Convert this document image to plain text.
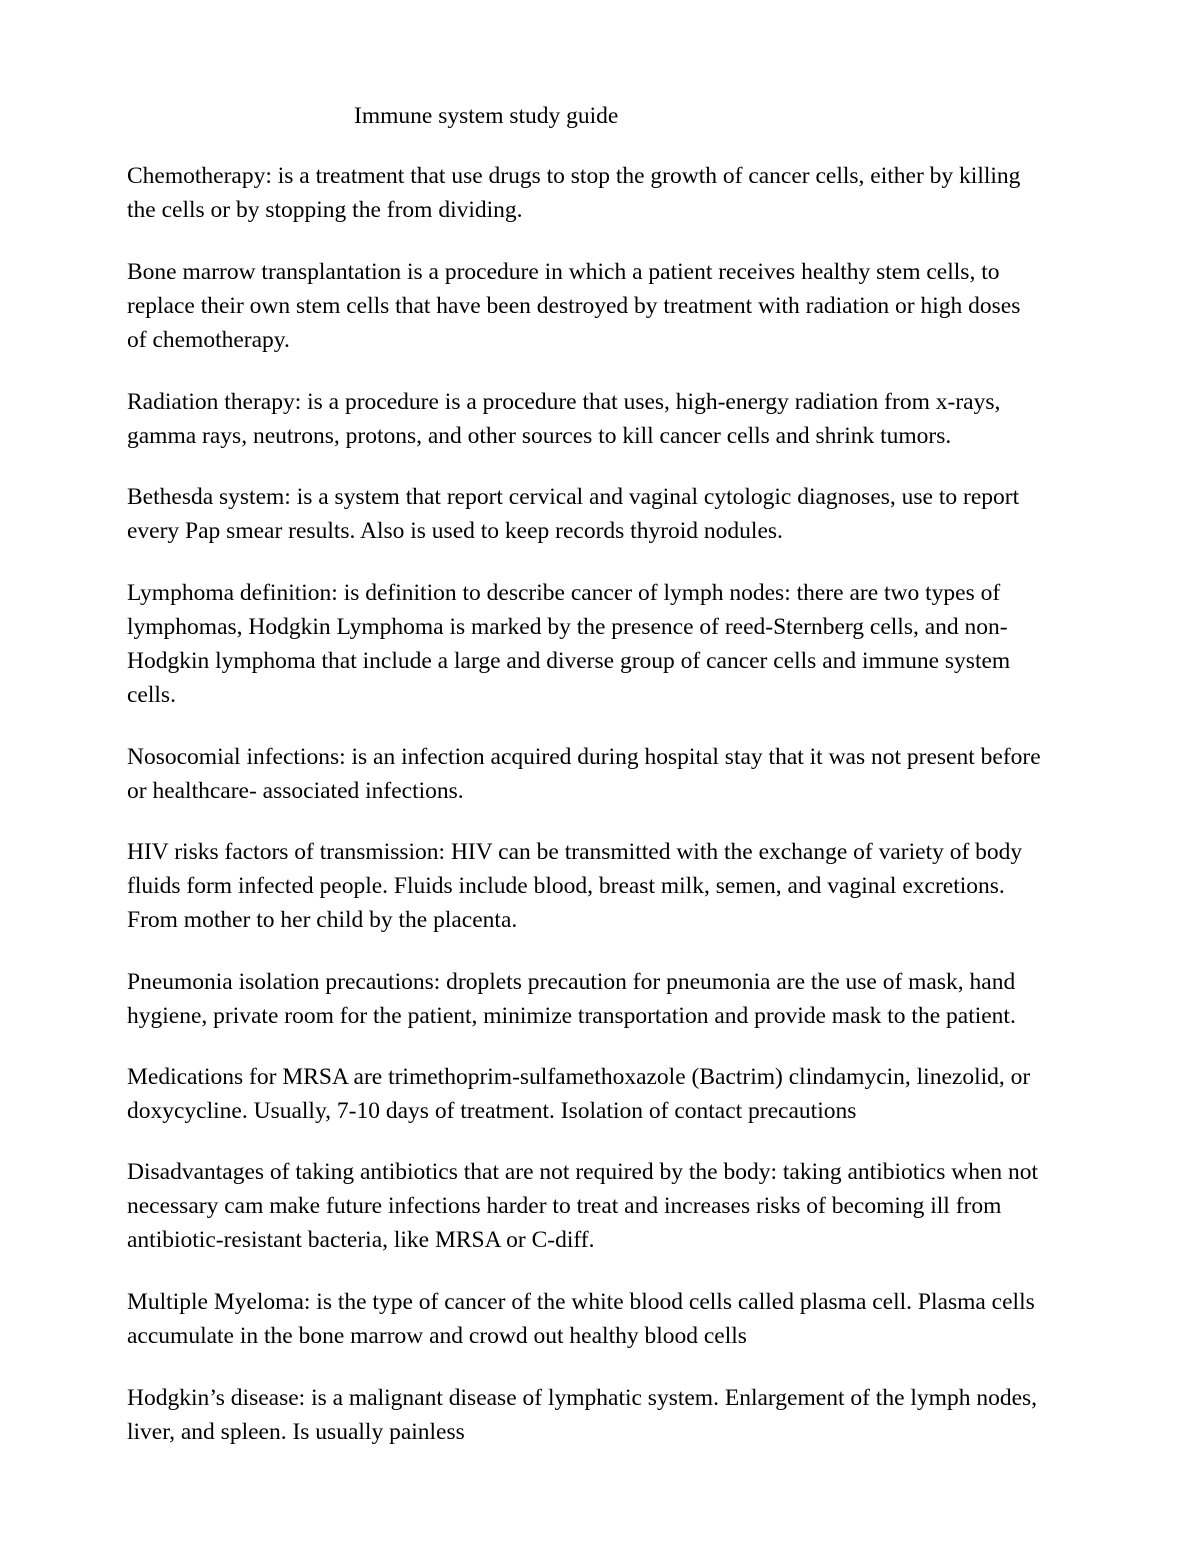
Immune system study guide

Chemotherapy: is a treatment that use drugs to stop the growth of cancer cells, either by killing
the cells or by stopping the from dividing.

Bone marrow transplantation is a procedure in which a patient receives healthy stem cells, to
replace their own stem cells that have been destroyed by treatment with radiation or high doses
of chemotherapy.

Radiation therapy: is a procedure is a procedure that uses, high-energy radiation from x-rays,
gamma rays, neutrons, protons, and other sources to kill cancer cells and shrink tumors.

Bethesda system: is a system that report cervical and vaginal cytologic diagnoses, use to report
every Pap smear results. Also is used to keep records thyroid nodules.

Lymphoma definition: is definition to describe cancer of lymph nodes: there are two types of
lymphomas, Hodgkin Lymphoma is marked by the presence of reed-Sternberg cells, and non-
Hodgkin lymphoma that include a large and diverse group of cancer cells and immune system
cells.

Nosocomial infections: is an infection acquired during hospital stay that it was not present before
or healthcare- associated infections.

HIV risks factors of transmission: HIV can be transmitted with the exchange of variety of body
fluids form infected people. Fluids include blood, breast milk, semen, and vaginal excretions.
From mother to her child by the placenta.

Pneumonia isolation precautions: droplets precaution for pneumonia are the use of mask, hand
hygiene, private room for the patient, minimize transportation and provide mask to the patient.

Medications for MRSA are trimethoprim-sulfamethoxazole (Bactrim) clindamycin, linezolid, or
doxycycline. Usually, 7-10 days of treatment. Isolation of contact precautions

Disadvantages of taking antibiotics that are not required by the body: taking antibiotics when not
necessary cam make future infections harder to treat and increases risks of becoming ill from
antibiotic-resistant bacteria, like MRSA or C-diff.

Multiple Myeloma: is the type of cancer of the white blood cells called plasma cell. Plasma cells
accumulate in the bone marrow and crowd out healthy blood cells

Hodgkin’s disease: is a malignant disease of lymphatic system. Enlargement of the lymph nodes,
liver, and spleen. Is usually painless
